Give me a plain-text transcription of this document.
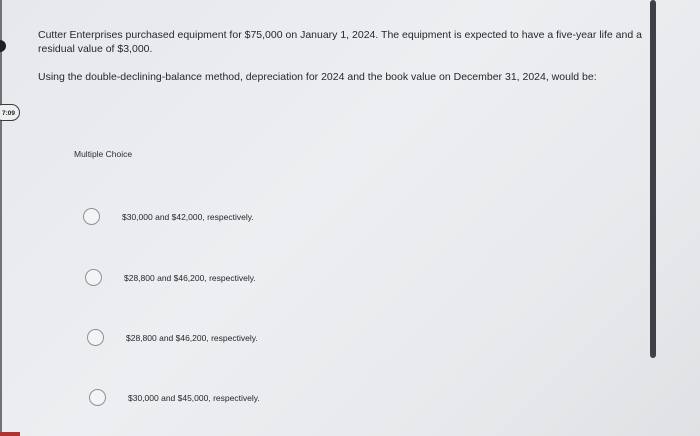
7:09

Cutter Enterprises purchased equipment for $75,000 on January 1, 2024. The equipment is expected to have a five-year life and a residual value of $3,000.

Using the double-declining-balance method, depreciation for 2024 and the book value on December 31, 2024, would be:

Multiple Choice
$30,000 and $42,000, respectively.
$28,800 and $46,200, respectively.
$28,800 and $46,200, respectively.
$30,000 and $45,000, respectively.
